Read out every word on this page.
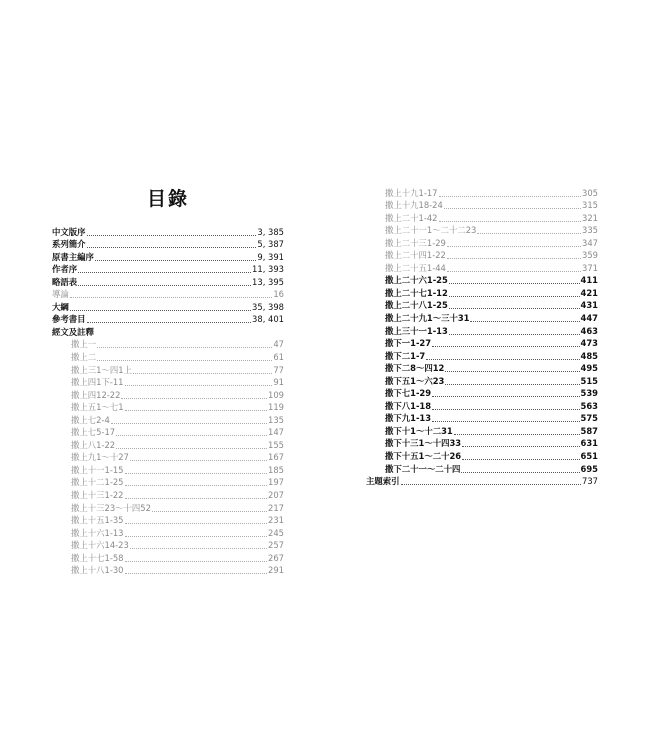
目錄
中文版序	3, 385
系列簡介	5, 387
原書主編序	9, 391
作者序	11, 393
略語表	13, 395
導論	16
大綱	35, 398
參考書目	38, 401
經文及註釋
撒上一	47
撒上二	61
撒上三1～四1上	77
撒上四1下-11	91
撒上四12-22	109
撒上五1～七1	119
撒上七2-4	135
撒上七5-17	147
撒上八1-22	155
撒上九1～十27	167
撒上十一1-15	185
撒上十二1-25	197
撒上十三1-22	207
撒上十三23～十四52	217
撒上十五1-35	231
撒上十六1-13	245
撒上十六14-23	257
撒上十七1-58	267
撒上十八1-30	291
撒上十九1-17	305
撒上十九18-24	315
撒上二十1-42	321
撒上二十一1～二十二23	335
撒上二十三1-29	347
撒上二十四1-22	359
撒上二十五1-44	371
撒上二十六1-25	411
撒上二十七1-12	421
撒上二十八1-25	431
撒上二十九1～三十31	447
撒上三十一1-13	463
撒下一1-27	473
撒下二1-7	485
撒下二8～四12	495
撒下五1～六23	515
撒下七1-29	539
撒下八1-18	563
撒下九1-13	575
撒下十1～十二31	587
撒下十三1～十四33	631
撒下十五1～二十26	651
撒下二十一～二十四	695
主題索引	737
